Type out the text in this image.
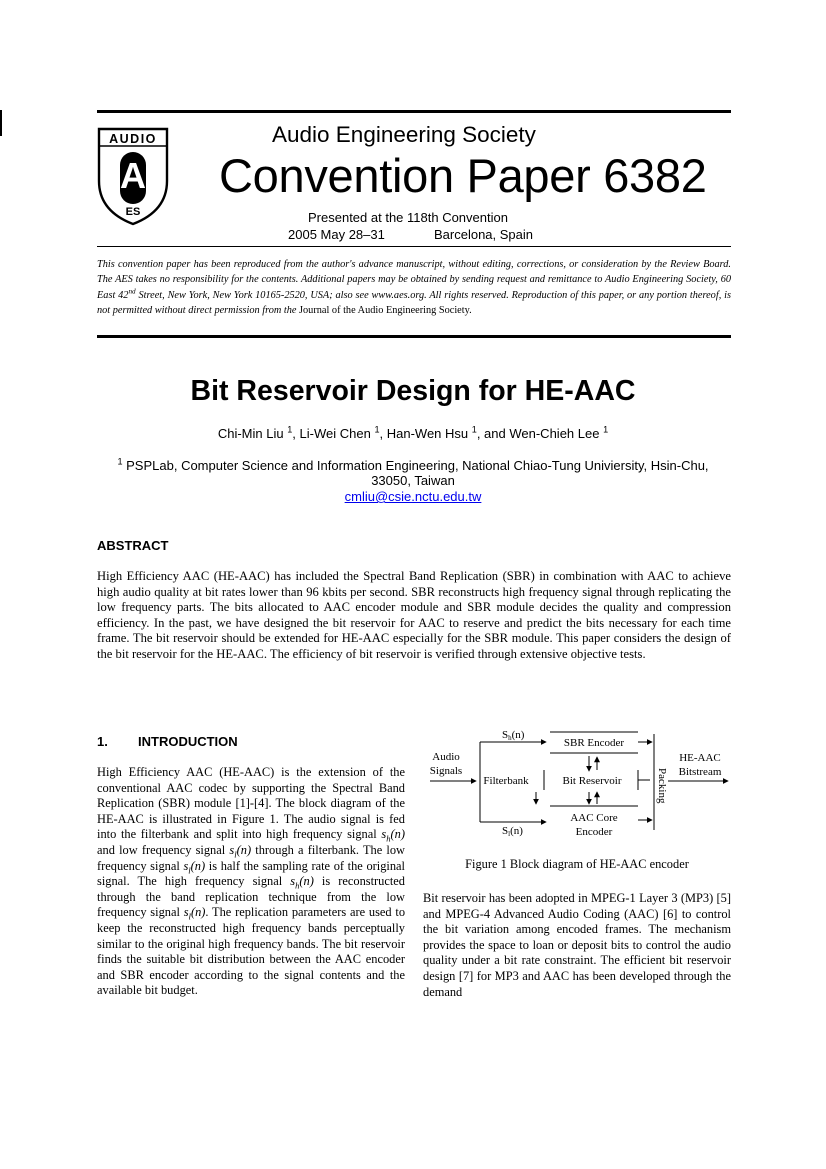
AUDIO
A
ES
Audio Engineering Society
Convention Paper 6382
Presented at the 118th Convention
2005 May 28–31	Barcelona, Spain
This convention paper has been reproduced from the author's advance manuscript, without editing, corrections, or consideration by the Review Board. The AES takes no responsibility for the contents. Additional papers may be obtained by sending request and remittance to Audio Engineering Society, 60 East 42nd Street, New York, New York 10165-2520, USA; also see www.aes.org. All rights reserved. Reproduction of this paper, or any portion thereof, is not permitted without direct permission from the Journal of the Audio Engineering Society.
Bit Reservoir Design for HE-AAC
Chi-Min Liu $^1$, Li-Wei Chen $^1$, Han-Wen Hsu $^1$, and Wen-Chieh Lee $^1$
$^1$ PSPLab, Computer Science and Information Engineering, National Chiao-Tung Univiersity, Hsin-Chu, 33050, Taiwan
cmliu@csie.nctu.edu.tw
ABSTRACT
High Efficiency AAC (HE-AAC) has included the Spectral Band Replication (SBR) in combination with AAC to achieve high audio quality at bit rates lower than 96 kbits per second. SBR reconstructs high frequency signal through replicating the low frequency parts. The bits allocated to AAC encoder module and SBR module decides the quality and compression efficiency. In the past, we have designed the bit reservoir for AAC to reserve and predict the bits necessary for each time frame. The bit reservoir should be extended for HE-AAC especially for the SBR module. This paper considers the design of the bit reservoir for the HE-AAC. The efficiency of bit reservoir is verified through extensive objective tests.
1. INTRODUCTION
High Efficiency AAC (HE-AAC) is the extension of the conventional AAC codec by supporting the Spectral Band Replication (SBR) module [1]-[4]. The block diagram of the HE-AAC is illustrated in Figure 1. The audio signal is fed into the filterbank and split into high frequency signal $s_h(n)$ and low frequency signal $s_l(n)$ through a filterbank. The low frequency signal $s_l(n)$ is half the sampling rate of the original signal. The high frequency signal $s_h(n)$ is reconstructed through the band replication technique from the low frequency signal $s_l(n)$. The replication parameters are used to keep the reconstructed high frequency bands perceptually similar to the original high frequency bands. The bit reservoir finds the suitable bit distribution between the AAC encoder and SBR encoder according to the signal contents and the available bit budget.
Audio
Signals
Filterbank
Sh(n)
SBR Encoder
Sl(n)
Bit Reservoir
AAC Core
Encoder
Packing
HE-AAC
Bitstream
Figure 1 Block diagram of HE-AAC encoder
Bit reservoir has been adopted in MPEG-1 Layer 3 (MP3) [5] and MPEG-4 Advanced Audio Coding (AAC) [6] to control the bit variation among encoded frames. The mechanism provides the space to loan or deposit bits to control the audio quality under a bit rate constraint. The efficient bit reservoir design [7] for MP3 and AAC has been developed through the demand
